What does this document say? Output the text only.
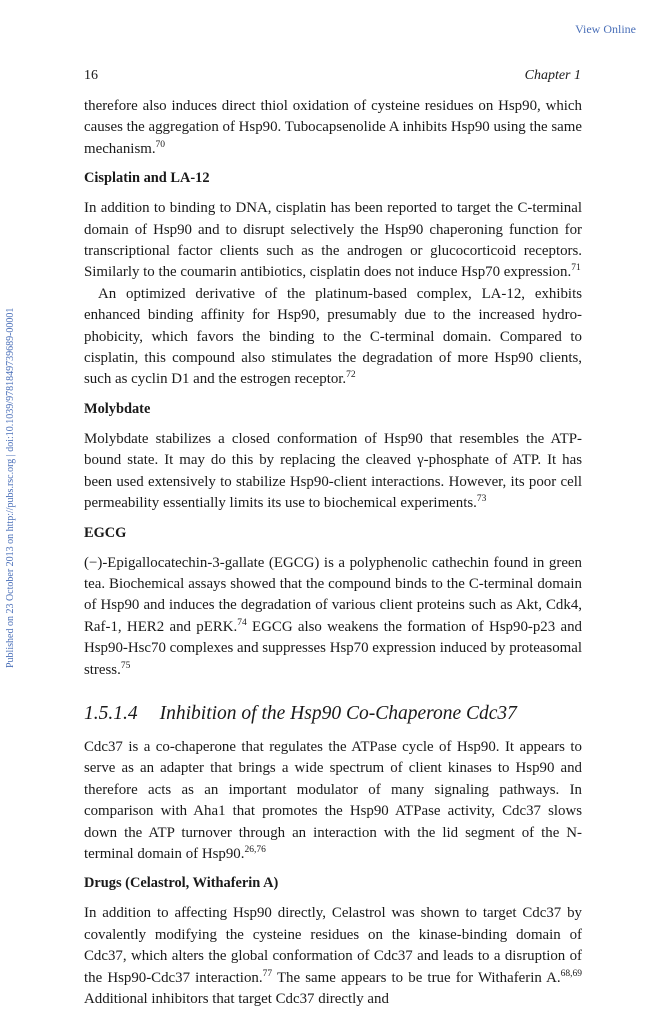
View Online
Published on 23 October 2013 on http://pubs.rsc.org | doi:10.1039/9781849739689-00001
16	Chapter 1

therefore also induces direct thiol oxidation of cysteine residues on Hsp90, which causes the aggregation of Hsp90. Tubocapsenolide A inhibits Hsp90 using the same mechanism.$^{70}$

Cisplatin and LA-12

In addition to binding to DNA, cisplatin has been reported to target the C-terminal domain of Hsp90 and to disrupt selectively the Hsp90 chaperoning function for transcriptional factor clients such as the androgen or glucocorticoid receptors. Similarly to the coumarin antibiotics, cisplatin does not induce Hsp70 expression.$^{71}$

An optimized derivative of the platinum-based complex, LA-12, exhibits enhanced binding affinity for Hsp90, presumably due to the increased hydrophobicity, which favors the binding to the C-terminal domain. Compared to cisplatin, this compound also stimulates the degradation of more Hsp90 clients, such as cyclin D1 and the estrogen receptor.$^{72}$

Molybdate

Molybdate stabilizes a closed conformation of Hsp90 that resembles the ATP-bound state. It may do this by replacing the cleaved γ-phosphate of ATP. It has been used extensively to stabilize Hsp90-client interactions. However, its poor cell permeability essentially limits its use to biochemical experiments.$^{73}$

EGCG

(−)-Epigallocatechin-3-gallate (EGCG) is a polyphenolic cathechin found in green tea. Biochemical assays showed that the compound binds to the C-terminal domain of Hsp90 and induces the degradation of various client proteins such as Akt, Cdk4, Raf-1, HER2 and pERK.$^{74}$ EGCG also weakens the formation of Hsp90-p23 and Hsp90-Hsc70 complexes and suppresses Hsp70 expression induced by proteasomal stress.$^{75}$

1.5.1.4 Inhibition of the Hsp90 Co-Chaperone Cdc37

Cdc37 is a co-chaperone that regulates the ATPase cycle of Hsp90. It appears to serve as an adapter that brings a wide spectrum of client kinases to Hsp90 and therefore acts as an important modulator of many signaling pathways. In comparison with Aha1 that promotes the Hsp90 ATPase activity, Cdc37 slows down the ATP turnover through an interaction with the lid segment of the N-terminal domain of Hsp90.$^{26,76}$

Drugs (Celastrol, Withaferin A)

In addition to affecting Hsp90 directly, Celastrol was shown to target Cdc37 by covalently modifying the cysteine residues on the kinase-binding domain of Cdc37, which alters the global conformation of Cdc37 and leads to a disruption of the Hsp90-Cdc37 interaction.$^{77}$ The same appears to be true for Withaferin A.$^{68,69}$ Additional inhibitors that target Cdc37 directly and
